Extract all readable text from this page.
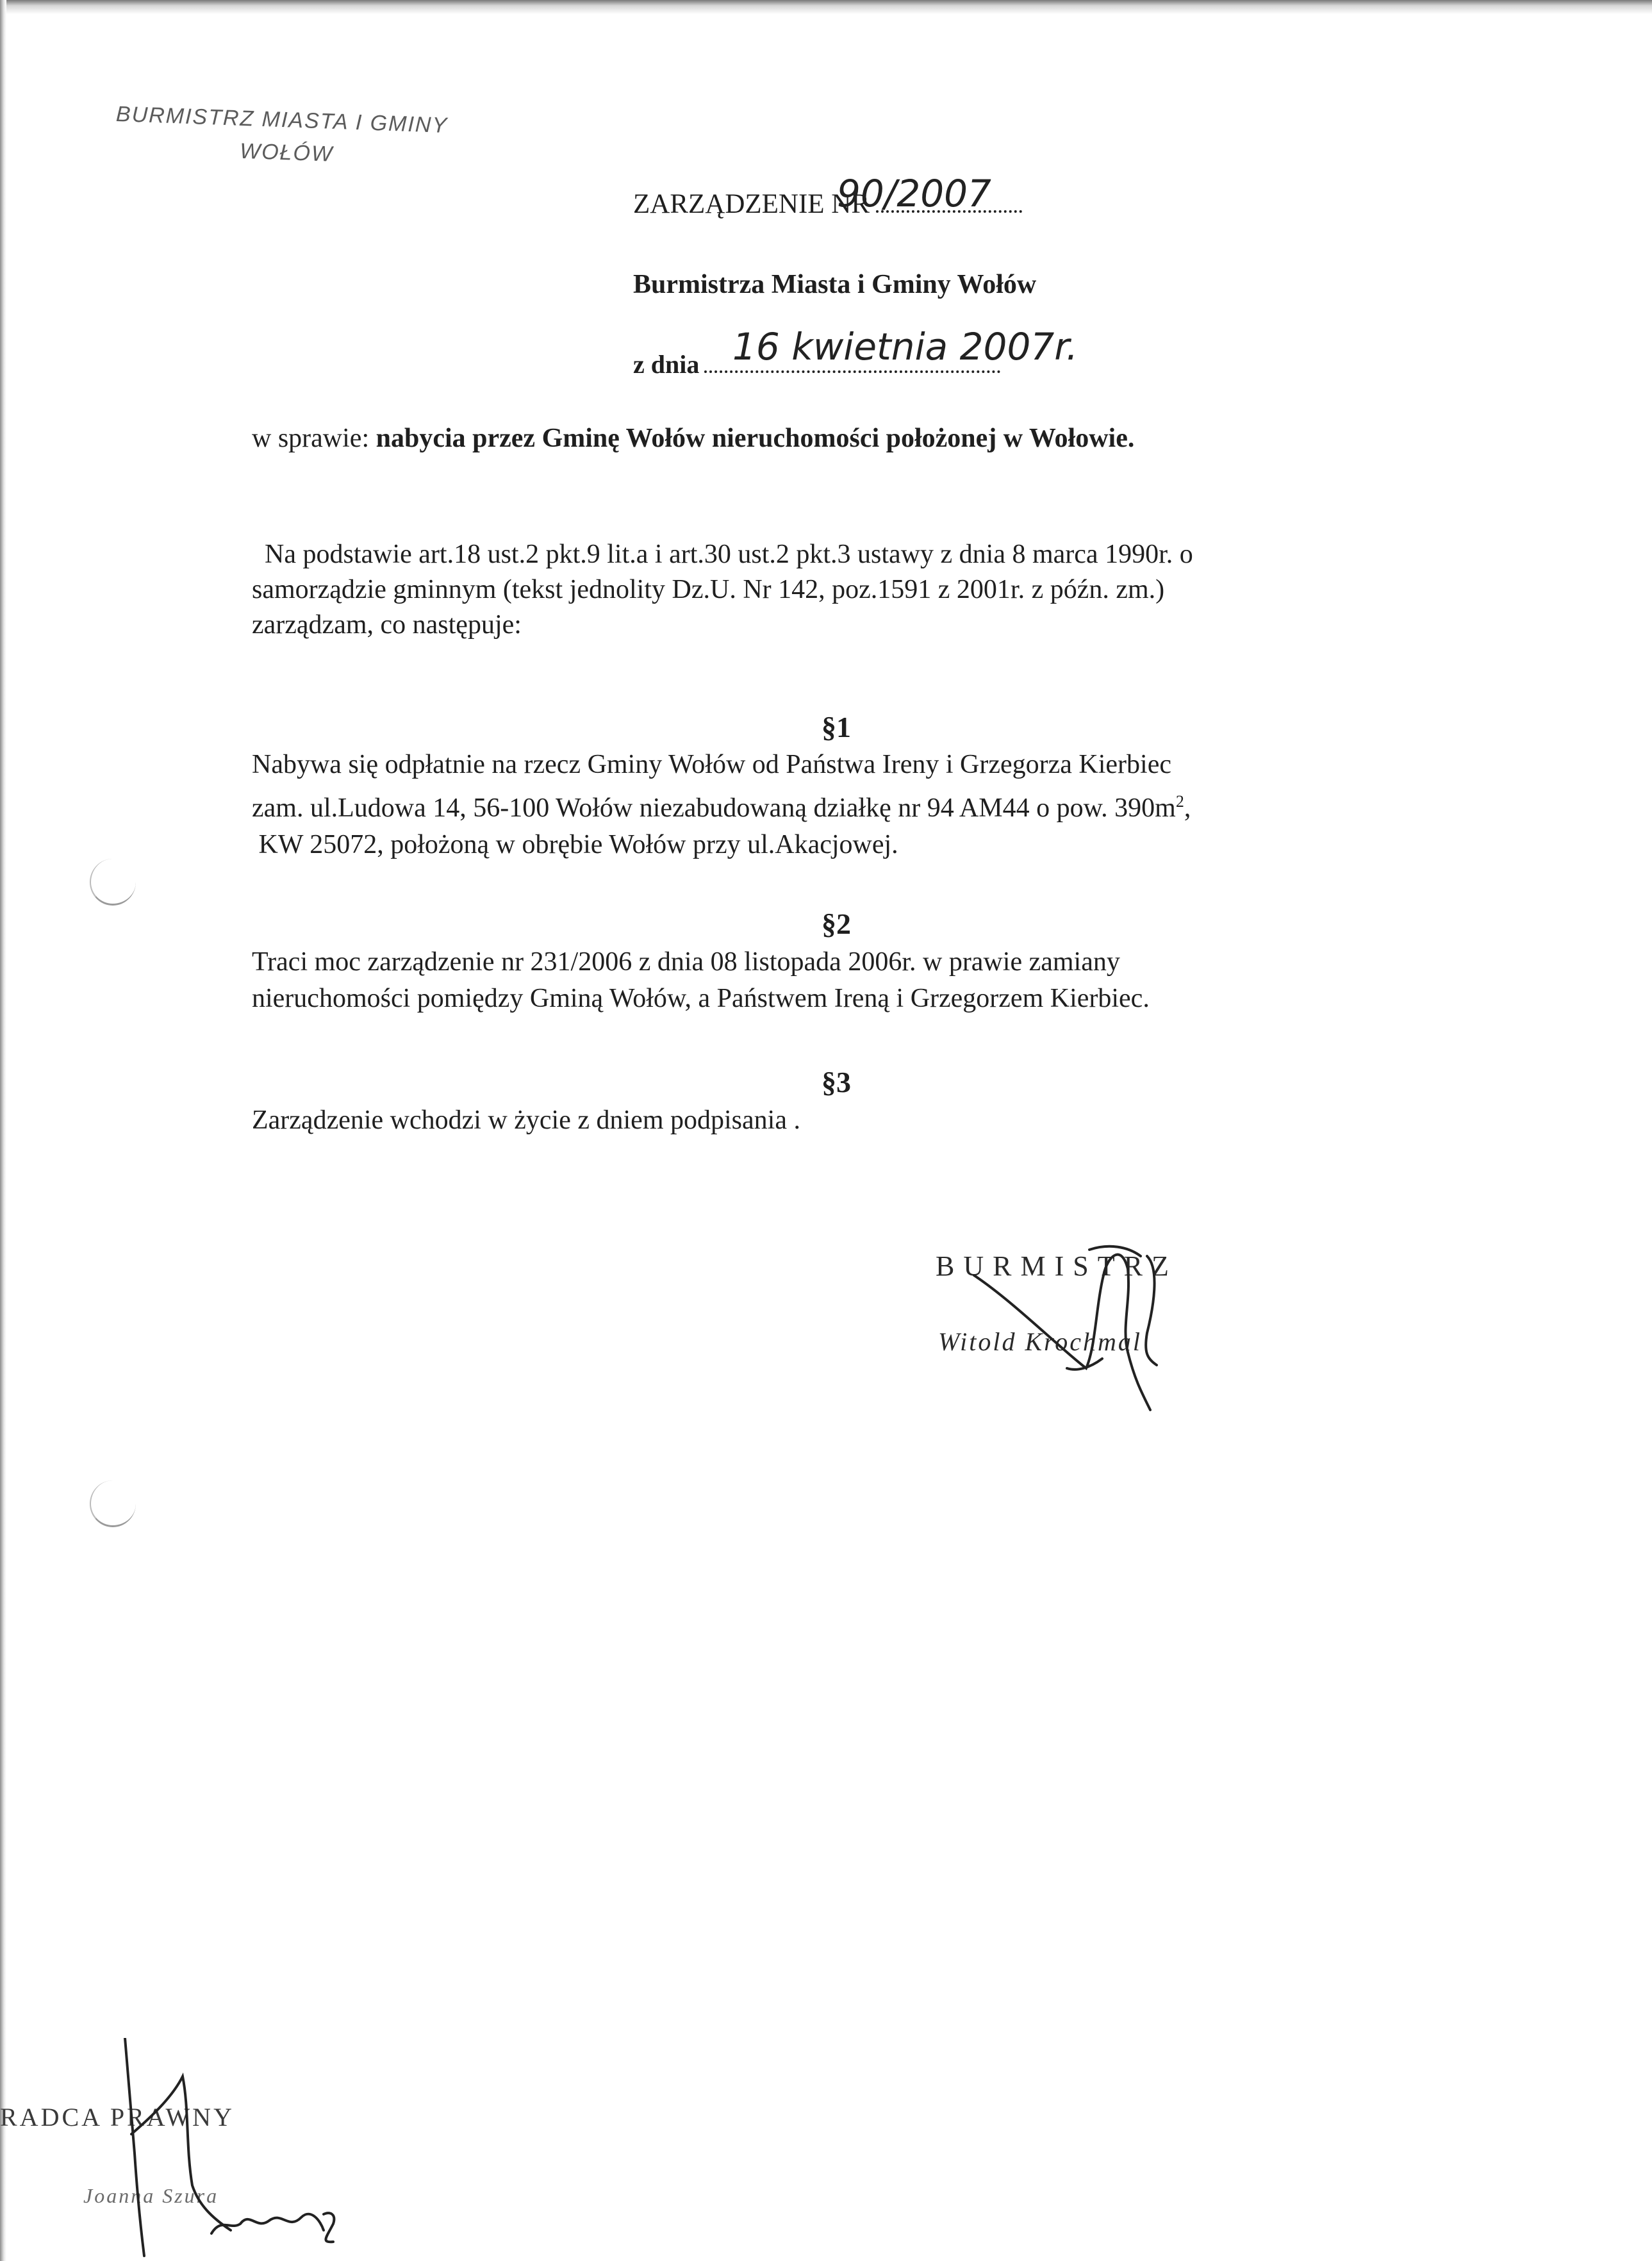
BURMISTRZ MIASTA I GMINY
WOŁÓW
ZARZĄDZENIE NR
90/2007
Burmistrza Miasta i Gminy Wołów
z dnia 16 kwietnia 2007r.
w sprawie: nabycia przez Gminę Wołów nieruchomości położonej w Wołowie.
Na podstawie art.18 ust.2 pkt.9 lit.a i art.30 ust.2 pkt.3 ustawy z dnia 8 marca 1990r. o
samorządzie gminnym (tekst jednolity Dz.U. Nr 142, poz.1591 z 2001r. z późn. zm.)
zarządzam, co następuje:
§1
Nabywa się odpłatnie na rzecz Gminy Wołów od Państwa Ireny i Grzegorza Kierbiec
zam. ul.Ludowa 14, 56-100 Wołów niezabudowaną działkę nr 94 AM44 o pow. $390m^2$,
KW 25072, położoną w obrębie Wołów przy ul.Akacjowej.
§2
Traci moc zarządzenie nr 231/2006 z dnia 08 listopada 2006r. w prawie zamiany
nieruchomości pomiędzy Gminą Wołów, a Państwem Ireną i Grzegorzem Kierbiec.
§3
Zarządzenie wchodzi w życie z dniem podpisania .
BURMISTRZ
Witold Krochmal
RADCA PRAWNY
Joanna Szura
